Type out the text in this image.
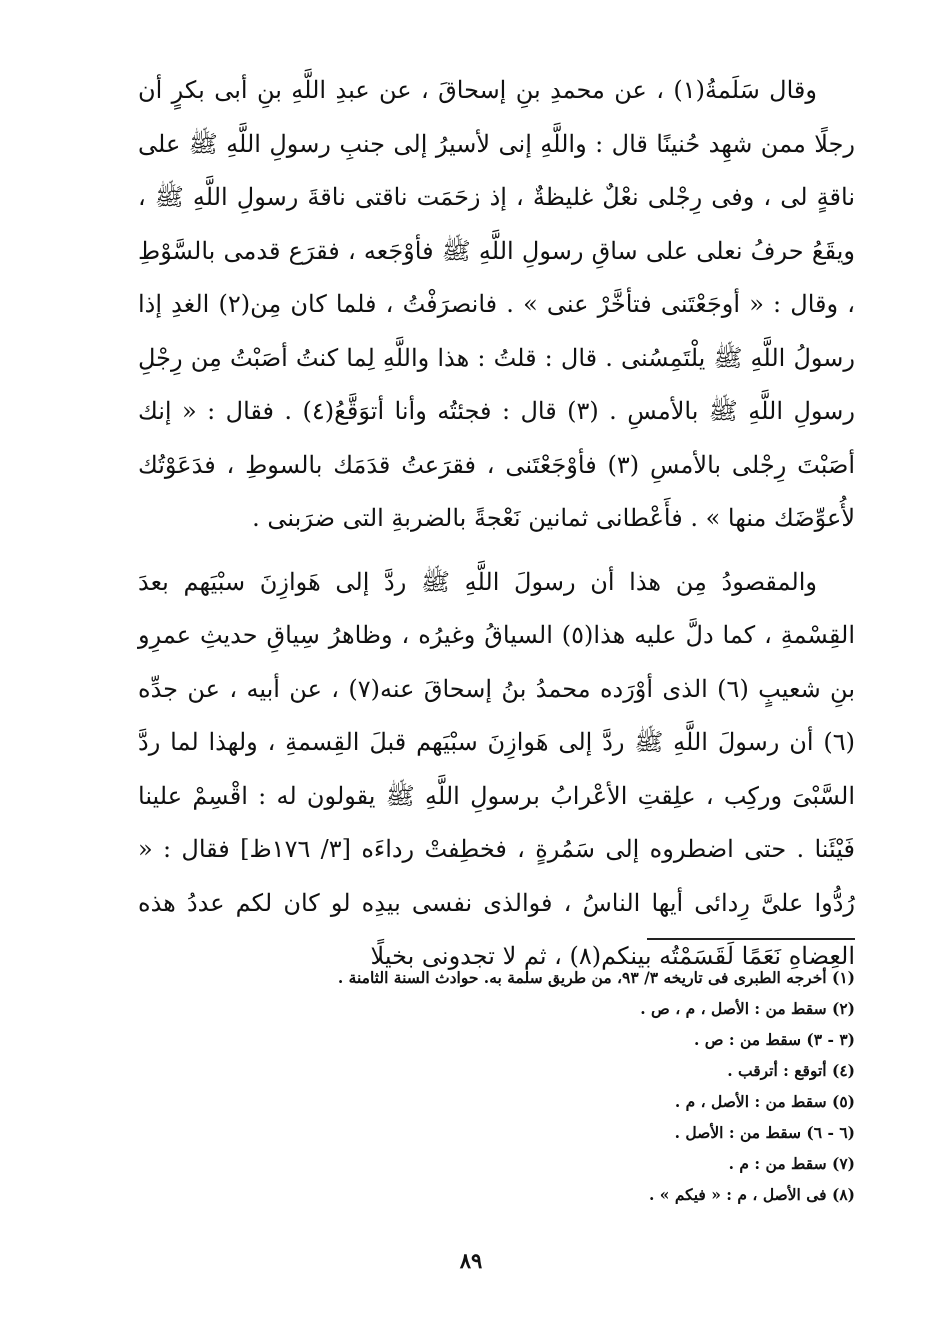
وقال سَلَمةُ(١) ، عن محمدِ بنِ إسحاقَ ، عن عبدِ اللَّهِ بنِ أبى بكرٍ أن رجلًا ممن شهِد حُنينًا قال : واللَّهِ إنى لأسيرُ إلى جنبِ رسولِ اللَّهِ ﷺ على ناقةٍ لى ، وفى رِجْلى نعْلٌ غليظةٌ ، إذ زحَمَت ناقتى ناقةَ رسولِ اللَّهِ ﷺ ، ويقَعُ حرفُ نعلى على ساقِ رسولِ اللَّهِ ﷺ فأوْجَعه ، فقرَع قدمى بالسَّوْطِ ، وقال : « أوجَعْتَنى فتأخَّرْ عنى » . فانصرَفْتُ ، فلما كان مِن(٢) الغدِ إذا رسولُ اللَّهِ ﷺ يلْتَمِسُنى . قال : قلتُ : هذا واللَّهِ لِما كنتُ أصَبْتُ مِن رِجْلِ رسولِ اللَّهِ ﷺ بالأمسِ . (٣) قال : فجئتُه وأنا أتوَقَّعُ(٤) . فقال : « إنك أصَبْتَ رِجْلى بالأمسِ (٣) فأوْجَعْتَنى ، فقرَعتُ قدَمَك بالسوطِ ، فدَعَوْتُك لأُعوِّضَك منها » . فأَعْطانى ثمانين نَعْجةً بالضربةِ التى ضرَبنى .

والمقصودُ مِن هذا أن رسولَ اللَّهِ ﷺ ردَّ إلى هَوازِنَ سبْيَهم بعدَ القِسْمةِ ، كما دلَّ عليه هذا(٥) السياقُ وغيرُه ، وظاهرُ سِياقِ حديثِ عمرِو بنِ شعيبٍ (٦) الذى أوْرَده محمدُ بنُ إسحاقَ عنه(٧) ، عن أبيه ، عن جدِّه (٦) أن رسولَ اللَّهِ ﷺ ردَّ إلى هَوازِنَ سبْيَهم قبلَ القِسمةِ ، ولهذا لما ردَّ السَّبْىَ وركِب ، علِقتِ الأعْرابُ برسولِ اللَّهِ ﷺ يقولون له : اقْسِمْ علينا فَيْئَنا . حتى اضطروه إلى سَمُرةٍ ، فخطِفتْ رداءَه [٣/ ١٧٦ظ] فقال : « رُدُّوا علىَّ رِدائى أيها الناسُ ، فوالذى نفسى بيدِه لو كان لكم عددُ هذه العِضاهِ نَعَمًا لَقَسَمْتُه بينكم(٨) ، ثم لا تجدونى بخيلًا

(١) أخرجه الطبرى فى تاريخه ٣/ ٩٣، من طريق سلمة به. حوادث السنة الثامنة .

(٢) سقط من : الأصل ، م ، ص .

(٣ - ٣) سقط من : ص .

(٤) أتوقع : أترقب .

(٥) سقط من : الأصل ، م .

(٦ - ٦) سقط من : الأصل .

(٧) سقط من : م .

(٨) فى الأصل ، م : « فيكم » .

٨٩
